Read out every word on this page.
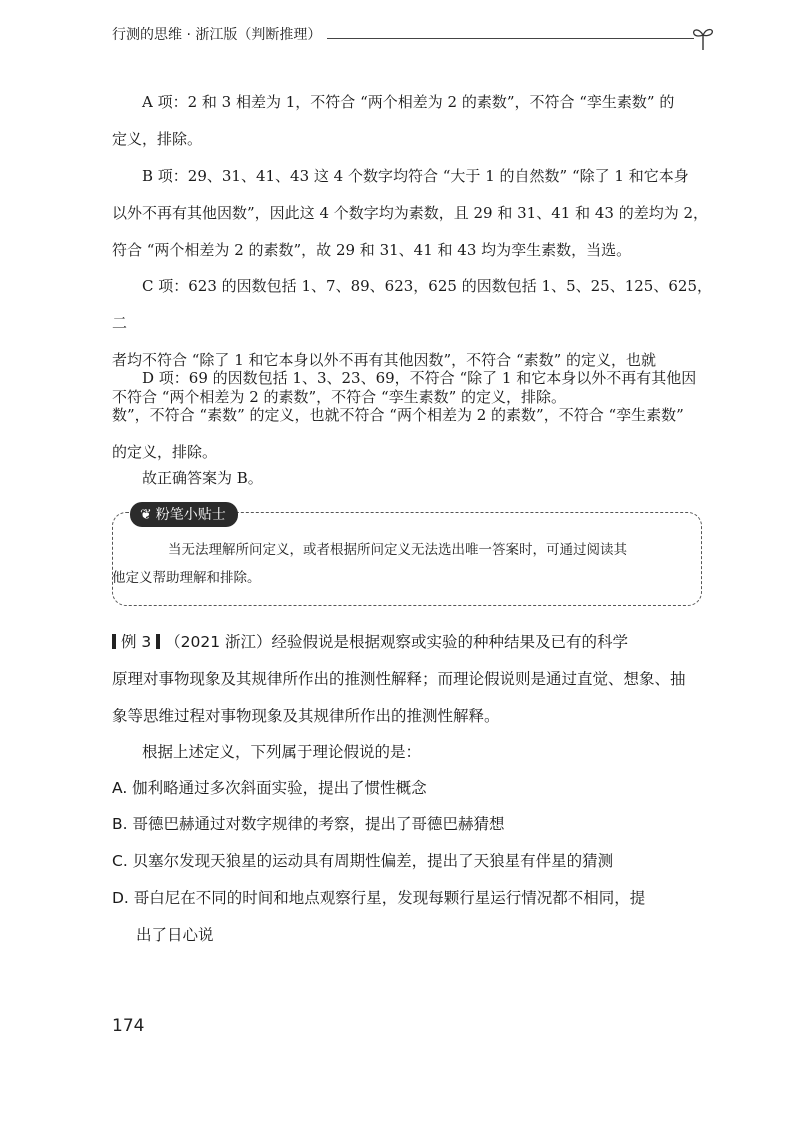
行测的思维 · 浙江版（判断推理）

A 项：2 和 3 相差为 1，不符合 “两个相差为 2 的素数”，不符合 “孪生素数” 的
定义，排除。

B 项：29、31、41、43 这 4 个数字均符合 “大于 1 的自然数” “除了 1 和它本身
以外不再有其他因数”，因此这 4 个数字均为素数，且 29 和 31、41 和 43 的差均为 2，
符合 “两个相差为 2 的素数”，故 29 和 31、41 和 43 均为孪生素数，当选。

C 项：623 的因数包括 1、7、89、623，625 的因数包括 1、5、25、125、625，二
者均不符合 “除了 1 和它本身以外不再有其他因数”，不符合 “素数” 的定义，也就
不符合 “两个相差为 2 的素数”，不符合 “孪生素数” 的定义，排除。

D 项：69 的因数包括 1、3、23、69，不符合 “除了 1 和它本身以外不再有其他因
数”，不符合 “素数” 的定义，也就不符合 “两个相差为 2 的素数”，不符合 “孪生素数”
的定义，排除。

故正确答案为 B。

❦ 粉笔小贴士

当无法理解所问定义，或者根据所问定义无法选出唯一答案时，可通过阅读其
他定义帮助理解和排除。

例 3 （2021 浙江）经验假说是根据观察或实验的种种结果及已有的科学
原理对事物现象及其规律所作出的推测性解释；而理论假说则是通过直觉、想象、抽
象等思维过程对事物现象及其规律所作出的推测性解释。

根据上述定义，下列属于理论假说的是：

A. 伽利略通过多次斜面实验，提出了惯性概念

B. 哥德巴赫通过对数字规律的考察，提出了哥德巴赫猜想

C. 贝塞尔发现天狼星的运动具有周期性偏差，提出了天狼星有伴星的猜测

D. 哥白尼在不同的时间和地点观察行星，发现每颗行星运行情况都不相同，提
出了日心说

174
